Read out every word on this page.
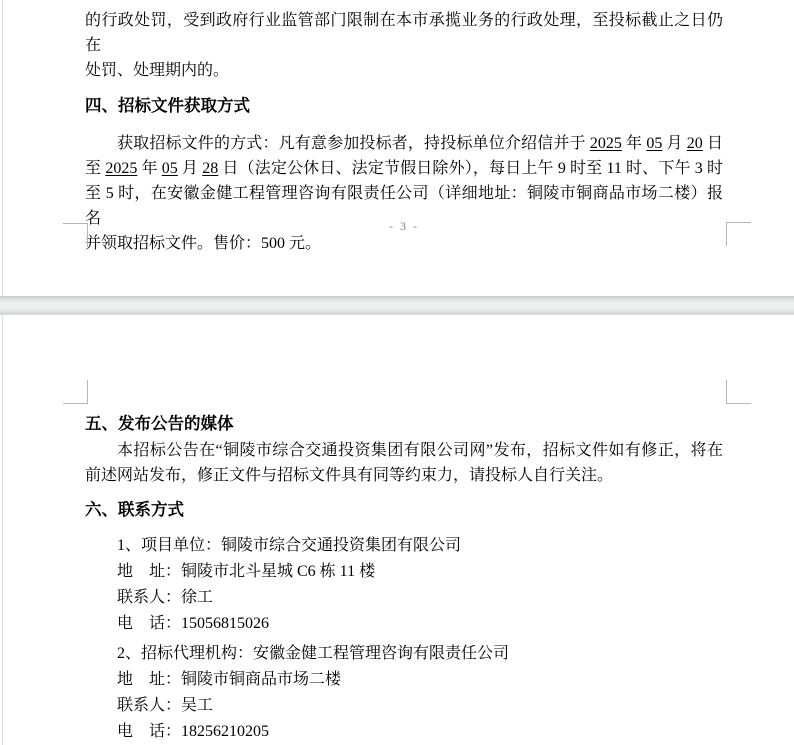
的行政处罚，受到政府行业监管部门限制在本市承揽业务的行政处理，至投标截止之日仍在
处罚、处理期内的。
四、招标文件获取方式
获取招标文件的方式：凡有意参加投标者，持投标单位介绍信并于 2025 年 05 月 20 日
至 2025 年 05 月 28 日（法定公休日、法定节假日除外），每日上午 9 时至 11 时、下午 3 时
至 5 时，在安徽金健工程管理咨询有限责任公司（详细地址：铜陵市铜商品市场二楼）报名
并领取招标文件。售价：500 元。
- 3 -
五、发布公告的媒体
本招标公告在“铜陵市综合交通投资集团有限公司网”发布，招标文件如有修正，将在
前述网站发布，修正文件与招标文件具有同等约束力，请投标人自行关注。
六、联系方式
1、项目单位：铜陵市综合交通投资集团有限公司
地　址：铜陵市北斗星城 C6 栋 11 楼
联系人：徐工
电　话：15056815026
2、招标代理机构：安徽金健工程管理咨询有限责任公司
地　址：铜陵市铜商品市场二楼
联系人：吴工
电　话：18256210205
